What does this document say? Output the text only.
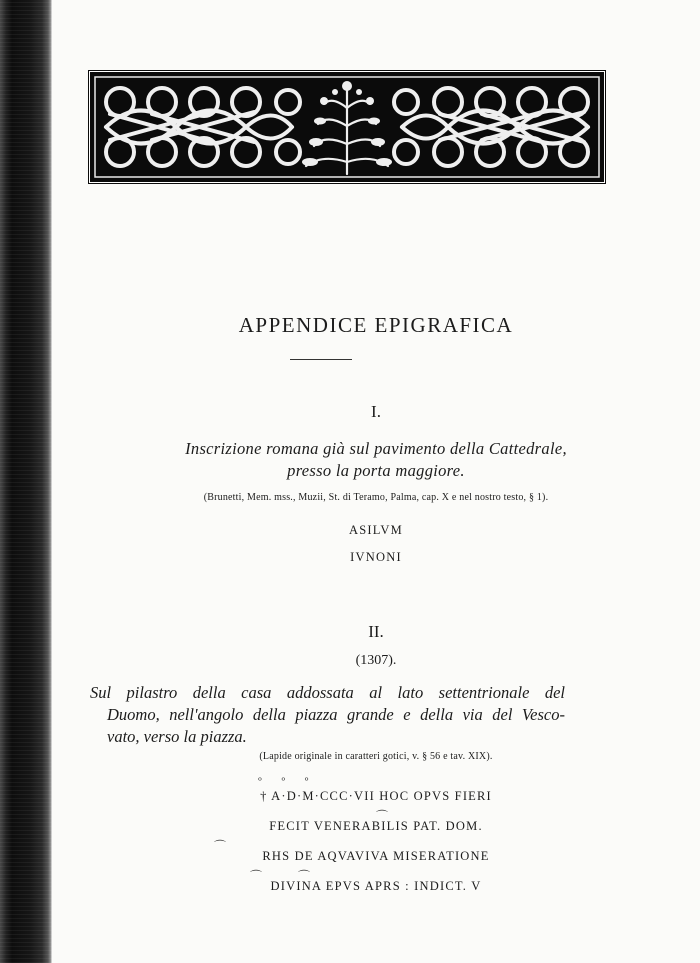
APPENDICE EPIGRAFICA
I.
Inscrizione romana già sul pavimento della Cattedrale,
presso la porta maggiore.
(Brunetti, Mem. mss., Muzii, St. di Teramo, Palma, cap. X e nel nostro testo, § 1).
ASILVM
IVNONI
II.
(1307).
Sul pilastro della casa addossata al lato settentrionale del
Duomo, nell'angolo della piazza grande e della via del Vesco-
vato, verso la piazza.
(Lapide originale in caratteri gotici, v. § 56 e tav. XIX).
ᵒ ᵒ ᵒ
† A·D·M·CCC·VII HOC OPVS FIERI
⌒
FECIT VENERABILIS PAT. DOM.
⌒
RHS DE AQVAVIVA MISERATIONE
⌒	⌒
DIVINA EPVS APRS : INDICT. V
